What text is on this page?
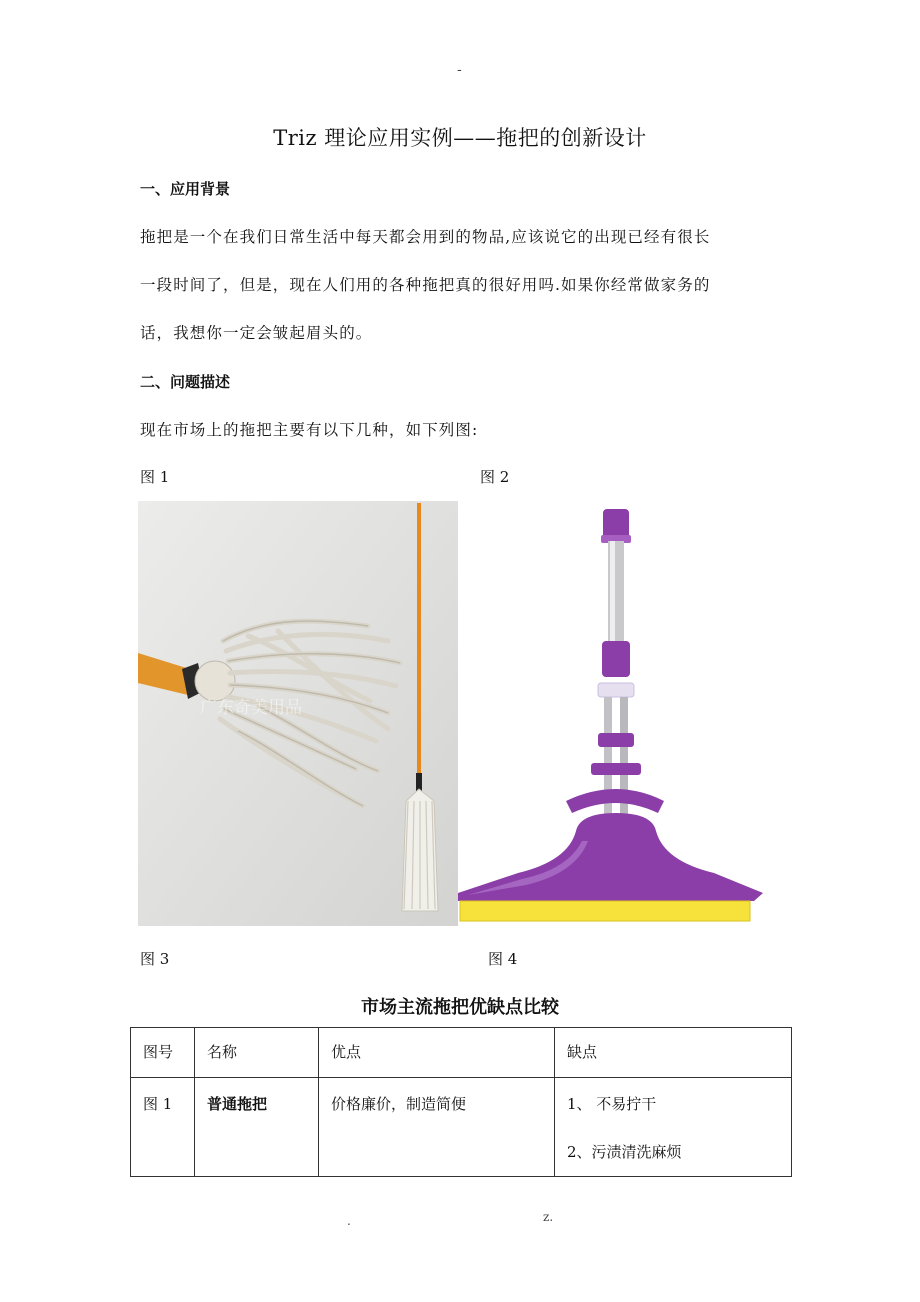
-
Triz 理论应用实例——拖把的创新设计
一、应用背景
拖把是一个在我们日常生活中每天都会用到的物品,应该说它的出现已经有很长
一段时间了，但是，现在人们用的各种拖把真的很好用吗.如果你经常做家务的
话，我想你一定会皱起眉头的。
二、问题描述
现在市场上的拖把主要有以下几种，如下列图:
图 1	图 2
广东奇美用品
图 3	图 4
市场主流拖把优缺点比较
图号	名称	优点	缺点
图 1	普通拖把	价格廉价，制造简便	1、 不易拧干
2、污渍清洗麻烦
.	z.
